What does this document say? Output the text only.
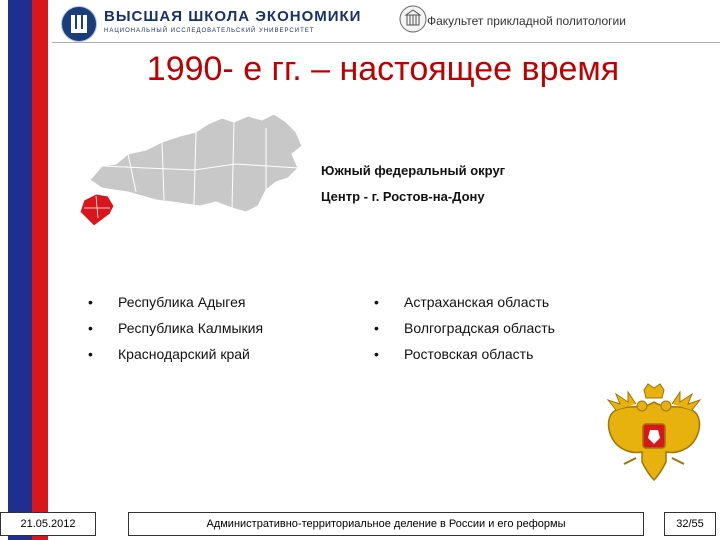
ВЫСШАЯ ШКОЛА ЭКОНОМИКИ
НАЦИОНАЛЬНЫЙ ИССЛЕДОВАТЕЛЬСКИЙ УНИВЕРСИТЕТ
Факультет прикладной политологии
1990- е гг. – настоящее время
Южный федеральный округ
Центр - г. Ростов-на-Дону
• Республика Адыгея
• Республика Калмыкия
• Краснодарский край
• Астраханская область
• Волгоградская область
• Ростовская область
21.05.2012	Административно-территориальное деление в России и его реформы	32/55
